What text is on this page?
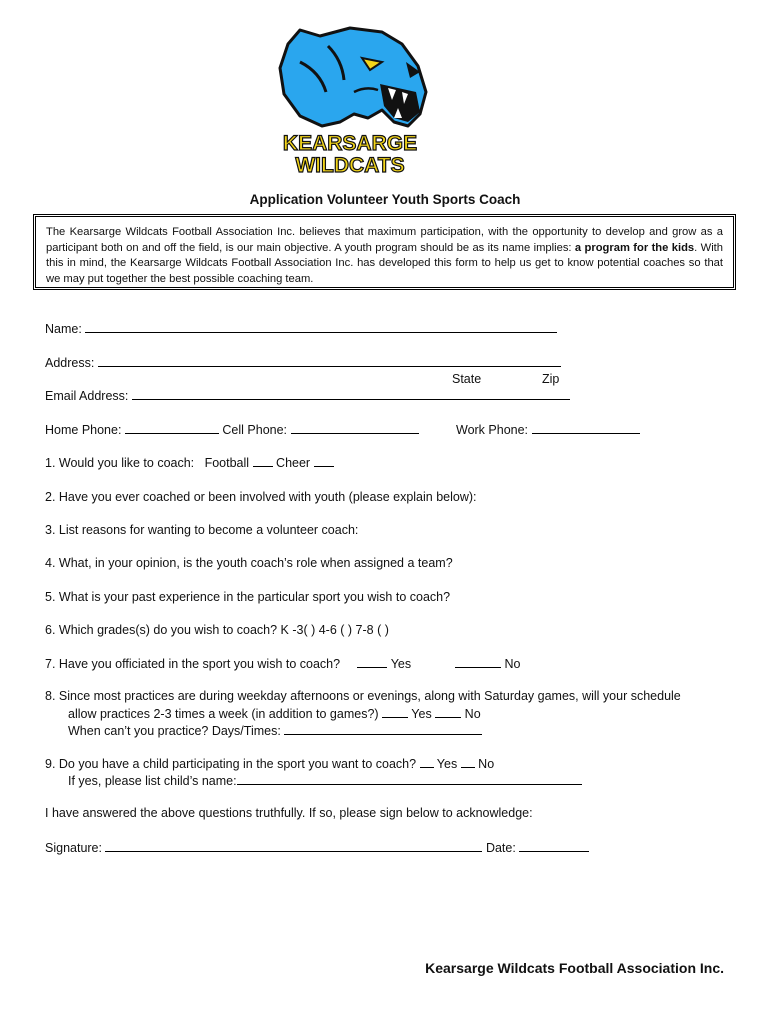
KEARSARGE
WILDCATS
Application Volunteer Youth Sports Coach
The Kearsarge Wildcats Football Association Inc. believes that maximum participation, with the opportunity to develop and grow as a participant both on and off the field, is our main objective. A youth program should be as its name implies: a program for the kids. With this in mind, the Kearsarge Wildcats Football Association Inc. has developed this form to help us get to know potential coaches so that we may put together the best possible coaching team.
Name:
Address:
State	Zip
Email Address:
Home Phone:	Cell Phone:	Work Phone:
1. Would you like to coach: Football Cheer
2. Have you ever coached or been involved with youth (please explain below):
3. List reasons for wanting to become a volunteer coach:
4. What, in your opinion, is the youth coach’s role when assigned a team?
5. What is your past experience in the particular sport you wish to coach?
6. Which grades(s) do you wish to coach? K -3( ) 4-6 ( ) 7-8 ( )
7. Have you officiated in the sport you wish to coach?	Yes	No
8. Since most practices are during weekday afternoons or evenings, along with Saturday games, will your schedule
allow practices 2-3 times a week (in addition to games?)	Yes	No
When can’t you practice? Days/Times:
9. Do you have a child participating in the sport you want to coach? Yes No
If yes, please list child’s name:
I have answered the above questions truthfully. If so, please sign below to acknowledge:
Signature:	Date:
Kearsarge Wildcats Football Association Inc.
